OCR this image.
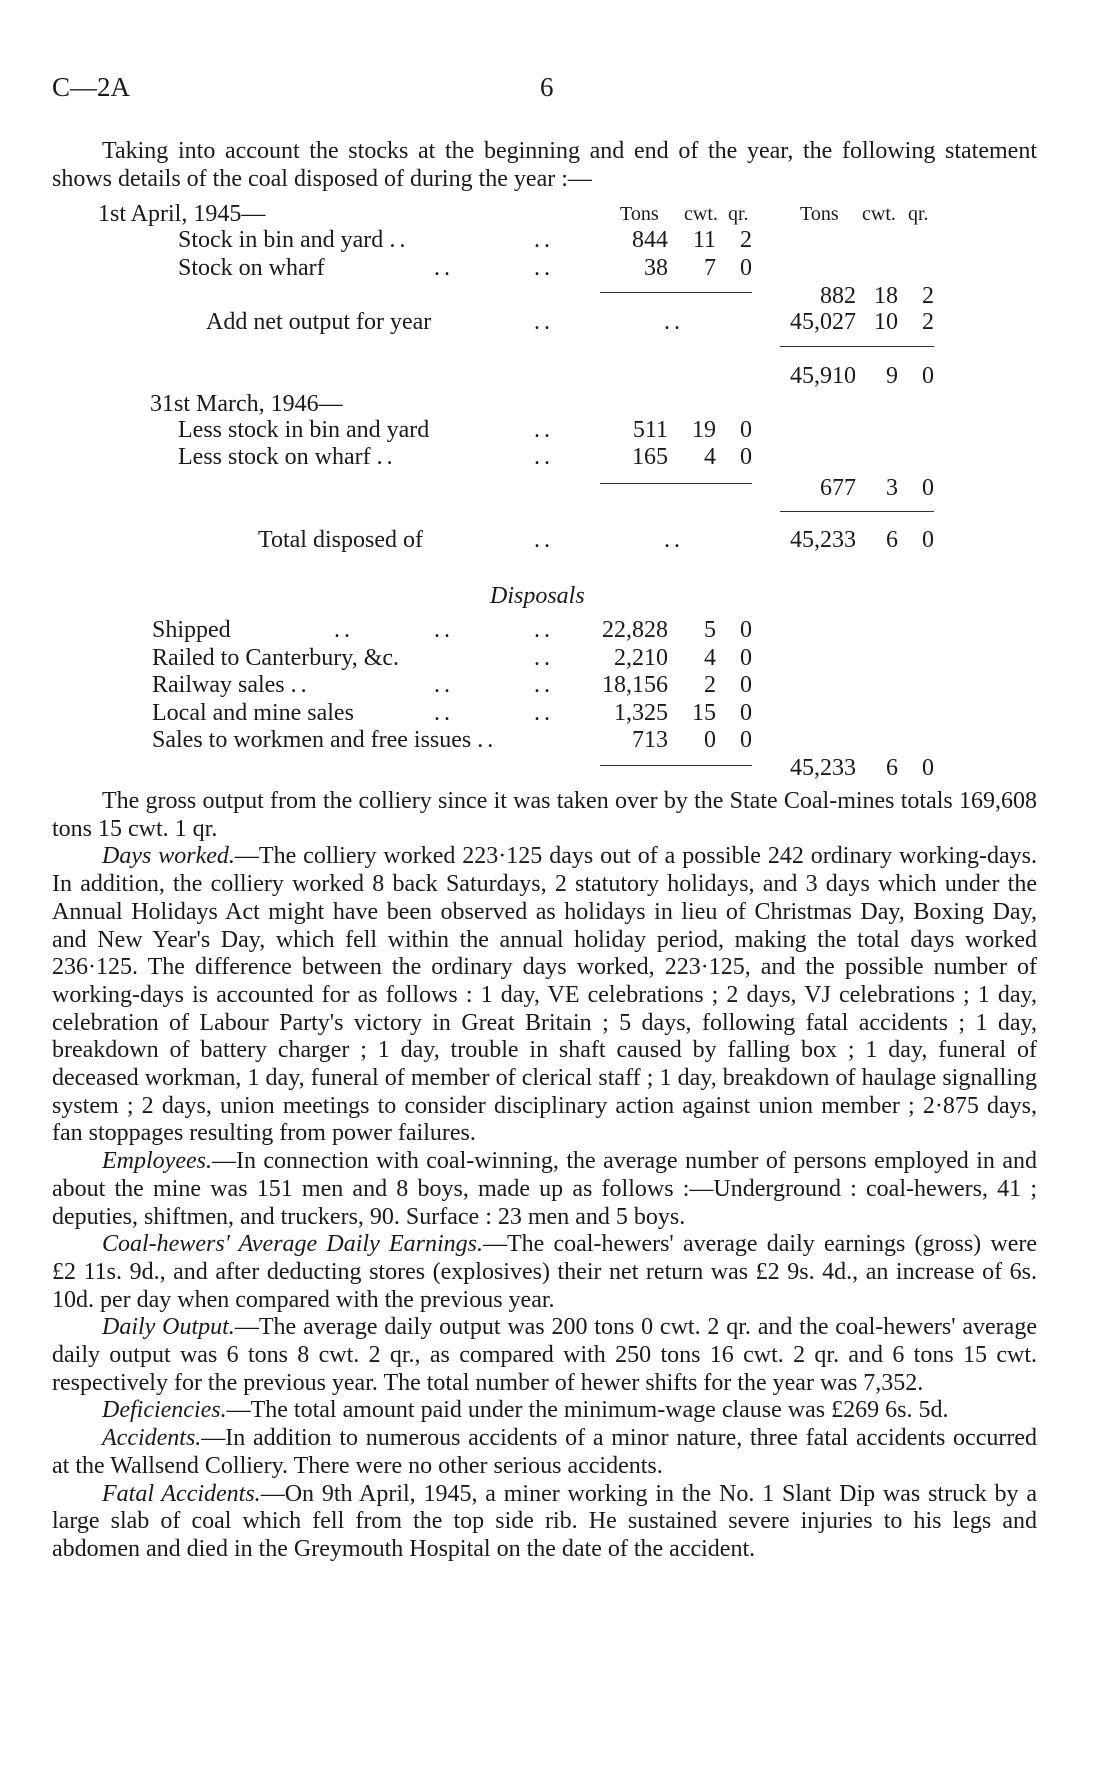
C—2A	6

Taking into account the stocks at the beginning and end of the year, the following statement shows details of the coal disposed of during the year :—

Tons cwt. qr.	Tons cwt. qr.
1st April, 1945—
Stock in bin and yard ..	..	844	11	2
Stock on wharf	..	..	38	7	0
882 18	2
Add net output for year	..	..	45,027 10	2
45,910	9	0
31st March, 1946—
Less stock in bin and yard	..	511	19	0
Less stock on wharf ..	..	165	4	0
677	3	0
Total disposed of	..	..	45,233	6	0
Disposals
Shipped	..	..	..	22,828	5	0
Railed to Canterbury, &c.	..	2,210	4	0
Railway sales ..	..	..	18,156	2	0
Local and mine sales	..	..	1,325	15	0
Sales to workmen and free issues ..	713	0	0
45,233	6	0

The gross output from the colliery since it was taken over by the State Coal-mines totals 169,608 tons 15 cwt. 1 qr.

Days worked.—The colliery worked 223·125 days out of a possible 242 ordinary working-days. In addition, the colliery worked 8 back Saturdays, 2 statutory holidays, and 3 days which under the Annual Holidays Act might have been observed as holidays in lieu of Christmas Day, Boxing Day, and New Year's Day, which fell within the annual holiday period, making the total days worked 236·125. The difference between the ordinary days worked, 223·125, and the possible number of working-days is accounted for as follows : 1 day, VE celebrations ; 2 days, VJ celebrations ; 1 day, celebration of Labour Party's victory in Great Britain ; 5 days, following fatal accidents ; 1 day, breakdown of battery charger ; 1 day, trouble in shaft caused by falling box ; 1 day, funeral of deceased workman, 1 day, funeral of member of clerical staff ; 1 day, breakdown of haulage signalling system ; 2 days, union meetings to consider disciplinary action against union member ; 2·875 days, fan stoppages resulting from power failures.

Employees.—In connection with coal-winning, the average number of persons employed in and about the mine was 151 men and 8 boys, made up as follows :—Underground : coal-hewers, 41 ; deputies, shiftmen, and truckers, 90. Surface : 23 men and 5 boys.

Coal-hewers' Average Daily Earnings.—The coal-hewers' average daily earnings (gross) were £2 11s. 9d., and after deducting stores (explosives) their net return was £2 9s. 4d., an increase of 6s. 10d. per day when compared with the previous year.

Daily Output.—The average daily output was 200 tons 0 cwt. 2 qr. and the coal-hewers' average daily output was 6 tons 8 cwt. 2 qr., as compared with 250 tons 16 cwt. 2 qr. and 6 tons 15 cwt. respectively for the previous year. The total number of hewer shifts for the year was 7,352.

Deficiencies.—The total amount paid under the minimum-wage clause was £269 6s. 5d.

Accidents.—In addition to numerous accidents of a minor nature, three fatal accidents occurred at the Wallsend Colliery. There were no other serious accidents.

Fatal Accidents.—On 9th April, 1945, a miner working in the No. 1 Slant Dip was struck by a large slab of coal which fell from the top side rib. He sustained severe injuries to his legs and abdomen and died in the Greymouth Hospital on the date of the accident.
